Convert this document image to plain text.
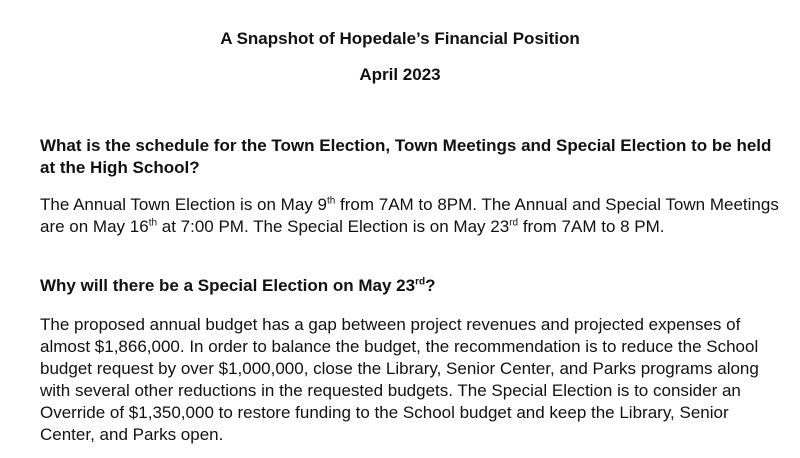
A Snapshot of Hopedale’s Financial Position
April 2023

What is the schedule for the Town Election, Town Meetings and Special Election to be held at the High School?

The Annual Town Election is on May 9th from 7AM to 8PM. The Annual and Special Town Meetings are on May 16th at 7:00 PM. The Special Election is on May 23rd from 7AM to 8 PM.

Why will there be a Special Election on May 23rd?

The proposed annual budget has a gap between project revenues and projected expenses of almost $1,866,000. In order to balance the budget, the recommendation is to reduce the School budget request by over $1,000,000, close the Library, Senior Center, and Parks programs along with several other reductions in the requested budgets. The Special Election is to consider an Override of $1,350,000 to restore funding to the School budget and keep the Library, Senior Center, and Parks open.
